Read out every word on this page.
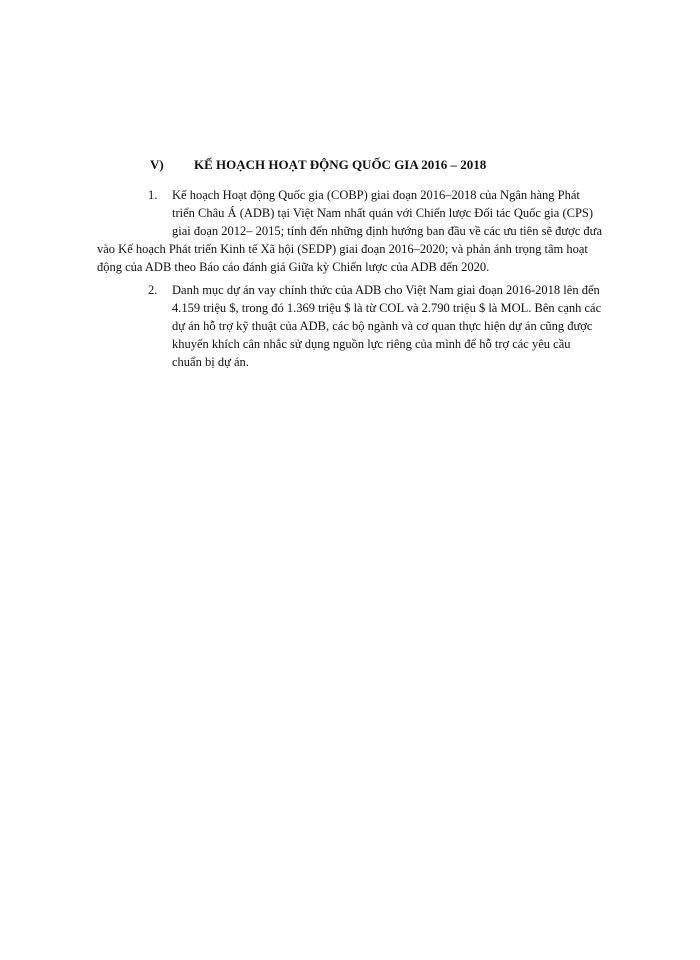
V) KẾ HOẠCH HOẠT ĐỘNG QUỐC GIA 2016 – 2018
1. Kế hoạch Hoạt động Quốc gia (COBP) giai đoạn 2016–2018 của Ngân hàng Phát
triển Châu Á (ADB) tại Việt Nam nhất quán với Chiến lược Đối tác Quốc gia (CPS)
giai đoạn 2012– 2015; tính đến những định hướng ban đầu về các ưu tiên sẽ được đưa
vào Kế hoạch Phát triển Kinh tế Xã hội (SEDP) giai đoạn 2016–2020; và phản ánh trọng tâm hoạt
động của ADB theo Báo cáo đánh giá Giữa kỳ Chiến lược của ADB đến 2020.
2. Danh mục dự án vay chính thức của ADB cho Việt Nam giai đoạn 2016-2018 lên đến
4.159 triệu $, trong đó 1.369 triệu $ là từ COL và 2.790 triệu $ là MOL. Bên cạnh các
dự án hỗ trợ kỹ thuật của ADB, các bộ ngành và cơ quan thực hiện dự án cũng được
khuyến khích cân nhắc sử dụng nguồn lực riêng của mình để hỗ trợ các yêu cầu
chuẩn bị dự án.
